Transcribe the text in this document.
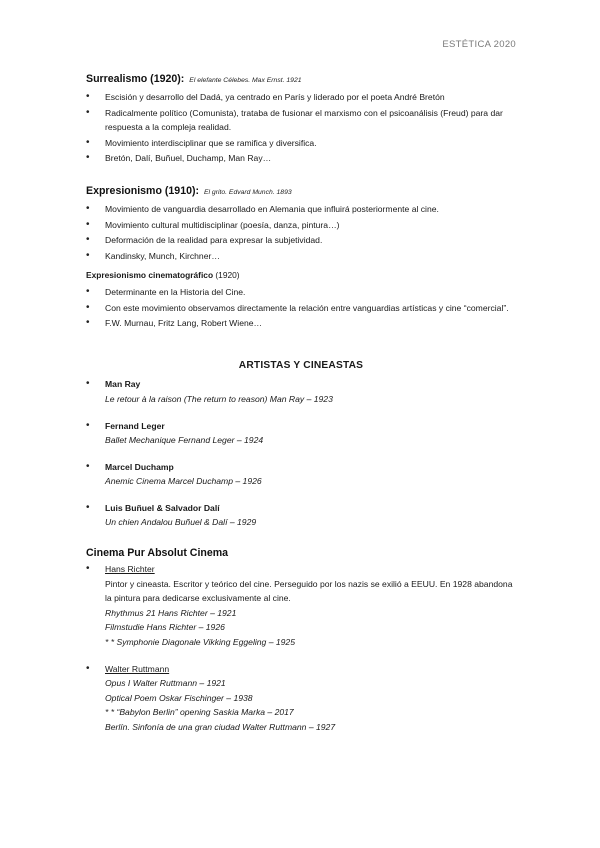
ESTÉTICA 2020
Surrealismo (1920): El elefante Célebes. Max Ernst. 1921
• Escisión y desarrollo del Dadá, ya centrado en París y liderado por el poeta André Bretón
• Radicalmente político (Comunista), trataba de fusionar el marxismo con el psicoanálisis (Freud) para dar respuesta a la compleja realidad.
• Movimiento interdisciplinar que se ramifica y diversifica.
• Bretón, Dalí, Buñuel, Duchamp, Man Ray…
Expresionismo (1910): El grito. Edvard Munch. 1893
• Movimiento de vanguardia desarrollado en Alemania que influirá posteriormente al cine.
• Movimiento cultural multidisciplinar (poesía, danza, pintura…)
• Deformación de la realidad para expresar la subjetividad.
• Kandinsky, Munch, Kirchner…
Expresionismo cinematográfico (1920)
• Determinante en la Historia del Cine.
• Con este movimiento observamos directamente la relación entre vanguardias artísticas y cine “comercial”.
• F.W. Murnau, Fritz Lang, Robert Wiene…
ARTISTAS Y CINEASTAS
• Man Ray
Le retour à la raison (The return to reason) Man Ray – 1923
• Fernand Leger
Ballet Mechanique Fernand Leger – 1924
• Marcel Duchamp
Anemic Cinema Marcel Duchamp – 1926
• Luis Buñuel & Salvador Dalí
Un chien Andalou Buñuel & Dalí – 1929
Cinema Pur Absolut Cinema
• Hans Richter
Pintor y cineasta. Escritor y teórico del cine. Perseguido por los nazis se exilió a EEUU. En 1928 abandona la pintura para dedicarse exclusivamente al cine.
Rhythmus 21 Hans Richter – 1921
Filmstudie Hans Richter – 1926
* * Symphonie Diagonale Vikking Eggeling – 1925
• Walter Ruttmann
Opus I Walter Ruttmann – 1921
Optical Poem Oskar Fischinger – 1938
* * “Babylon Berlin” opening Saskia Marka – 2017
Berlín. Sinfonía de una gran ciudad Walter Ruttmann – 1927
